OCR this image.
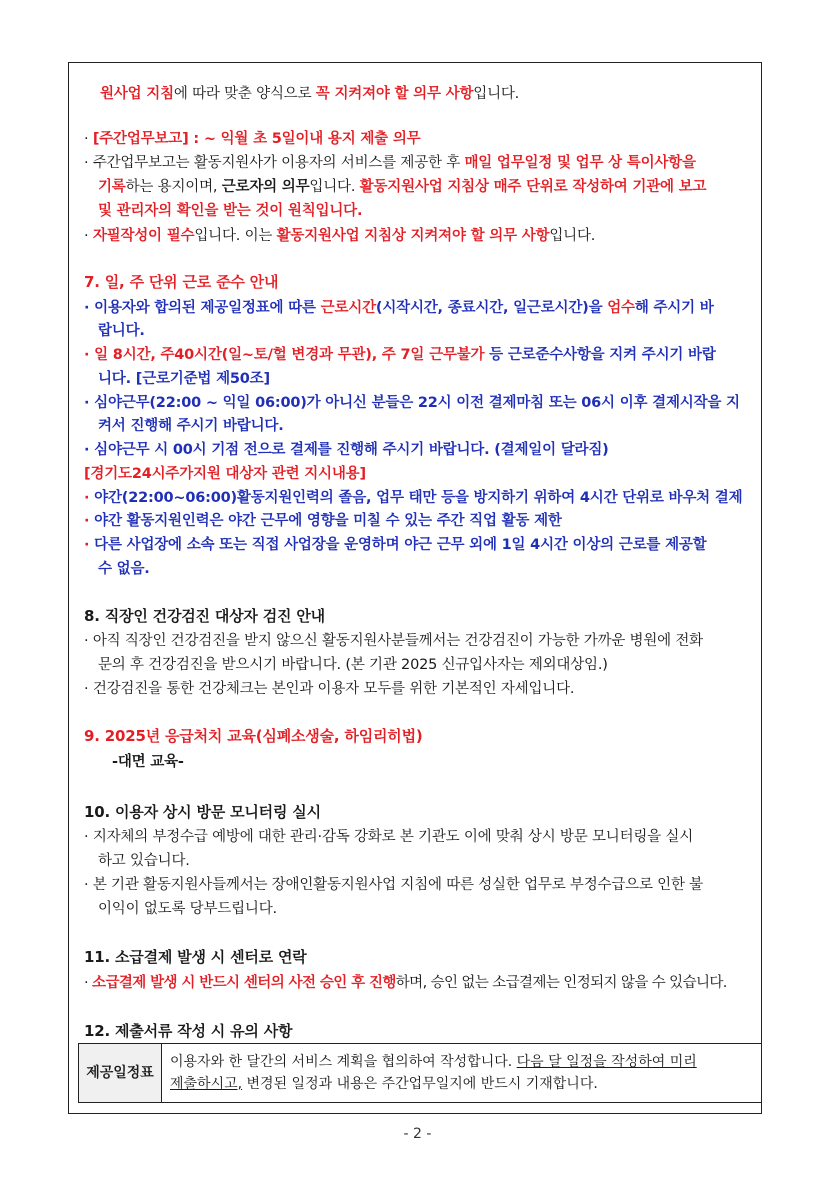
원사업 지침에 따라 맞춘 양식으로 꼭 지켜져야 할 의무 사항입니다.
· [주간업무보고] : ~ 익월 초 5일이내 용지 제출 의무
· 주간업무보고는 활동지원사가 이용자의 서비스를 제공한 후 매일 업무일정 및 업무 상 특이사항을
기록하는 용지이며, 근로자의 의무입니다. 활동지원사업 지침상 매주 단위로 작성하여 기관에 보고
및 관리자의 확인을 받는 것이 원칙입니다.
· 자필작성이 필수입니다. 이는 활동지원사업 지침상 지켜져야 할 의무 사항입니다.
7. 일, 주 단위 근로 준수 안내
· 이용자와 합의된 제공일정표에 따른 근로시간(시작시간, 종료시간, 일근로시간)을 엄수해 주시기 바
랍니다.
· 일 8시간, 주40시간(일~토/헐 변경과 무관), 주 7일 근무불가 등 근로준수사항을 지켜 주시기 바랍
니다. [근로기준법 제50조]
· 심야근무(22:00 ~ 익일 06:00)가 아니신 분들은 22시 이전 결제마침 또는 06시 이후 결제시작을 지
켜서 진행해 주시기 바랍니다.
· 심야근무 시 00시 기점 전으로 결제를 진행해 주시기 바랍니다. (결제일이 달라짐)
[경기도24시주가지원 대상자 관련 지시내용]
· 야간(22:00~06:00)활동지원인력의 졸음, 업무 태만 등을 방지하기 위하여 4시간 단위로 바우처 결제
· 야간 활동지원인력은 야간 근무에 영향을 미칠 수 있는 주간 직업 활동 제한
· 다른 사업장에 소속 또는 직접 사업장을 운영하며 야근 근무 외에 1일 4시간 이상의 근로를 제공할
수 없음.
8. 직장인 건강검진 대상자 검진 안내
· 아직 직장인 건강검진을 받지 않으신 활동지원사분들께서는 건강검진이 가능한 가까운 병원에 전화
문의 후 건강검진을 받으시기 바랍니다. (본 기관 2025 신규입사자는 제외대상임.)
· 건강검진을 통한 건강체크는 본인과 이용자 모두를 위한 기본적인 자세입니다.
9. 2025년 응급처치 교육(심폐소생술, 하임리히법)
-대면 교육-
10. 이용자 상시 방문 모니터링 실시
· 지자체의 부정수급 예방에 대한 관리·감독 강화로 본 기관도 이에 맞춰 상시 방문 모니터링을 실시
하고 있습니다.
· 본 기관 활동지원사들께서는 장애인활동지원사업 지침에 따른 성실한 업무로 부정수급으로 인한 불
이익이 없도록 당부드립니다.
11. 소급결제 발생 시 센터로 연락
· 소급결제 발생 시 반드시 센터의 사전 승인 후 진행하며, 승인 없는 소급결제는 인정되지 않을 수 있습니다.
12. 제출서류 작성 시 유의 사항
제공일정표	이용자와 한 달간의 서비스 계획을 협의하여 작성합니다. 다음 달 일정을 작성하여 미리
제출하시고, 변경된 일정과 내용은 주간업무일지에 반드시 기재합니다.
- 2 -
